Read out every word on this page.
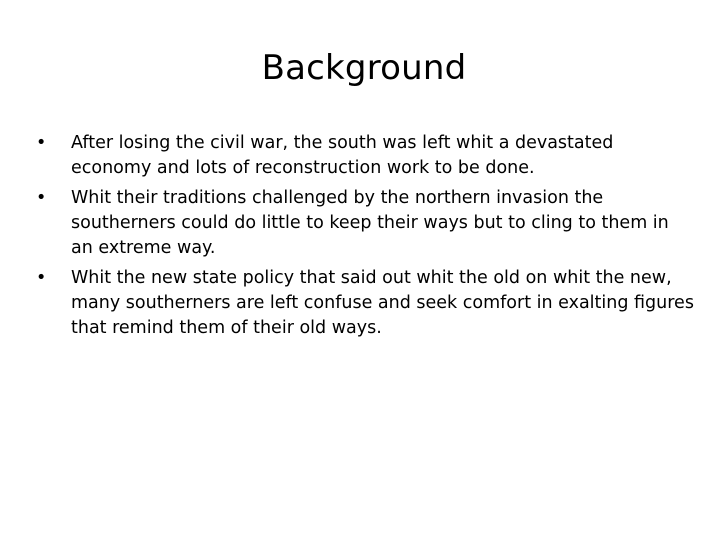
Background
•	After losing the civil war, the south was left whit a devastated economy and lots of reconstruction work to be done.
•	Whit their traditions challenged by the northern invasion the southerners could do little to keep their ways but to cling to them in an extreme way.
•	Whit the new state policy that said out whit the old on whit the new, many southerners are left confuse and seek comfort in exalting figures that remind them of their old ways.
